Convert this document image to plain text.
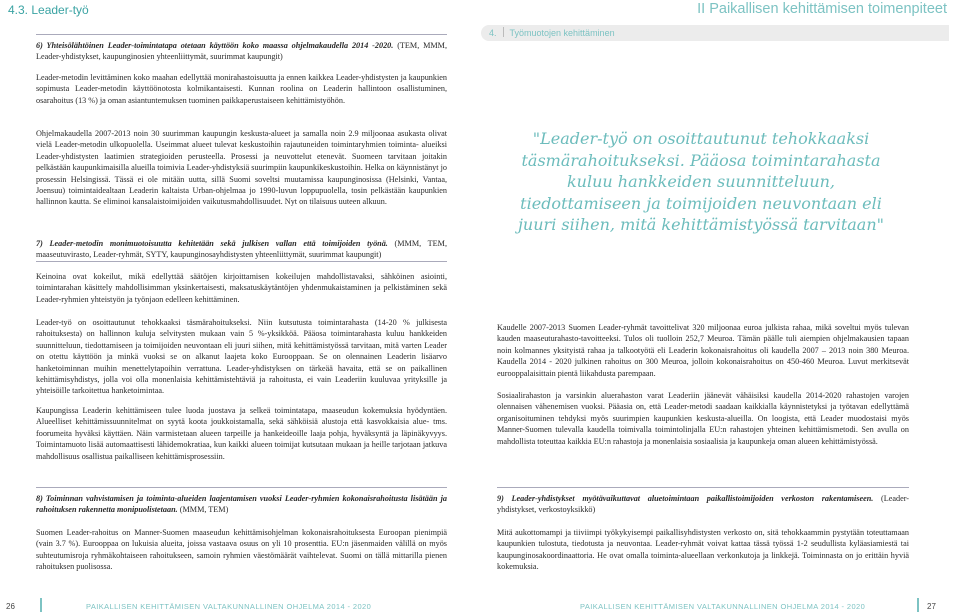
4.3. Leader-työ	II Paikallisen kehittämisen toimenpiteet
4. Työmuotojen kehittäminen

6) Yhteisölähtöinen Leader-toimintatapa otetaan käyttöön koko maassa ohjelmakaudella 2014 -2020. (TEM, MMM, Leader-yhdistykset, kaupunginosien yhteenliittymät, suurimmat kaupungit)

Leader-metodin levittäminen koko maahan edellyttää monirahastoisuutta ja ennen kaikkea Leader-yhdistysten ja kaupunkien sopimusta Leader-metodin käyttöönotosta kolmikantaisesti. Kunnan roolina on Leaderin hallintoon osallistuminen, osarahoitus (13 %) ja oman asiantuntemuksen tuominen paikkaperustaiseen kehittämistyöhön.

Ohjelmakaudella 2007-2013 noin 30 suurimman kaupungin keskusta-alueet ja samalla noin 2.9 miljoonaa asukasta olivat vielä Leader-metodin ulkopuolella. Useimmat alueet tulevat keskustoihin rajautuneiden toimintaryhmien toiminta- alueiksi Leader-yhdistysten laatimien strategioiden perusteella. Prosessi ja neuvottelut etenevät. Suomeen tarvitaan joitakin pelkästään kaupunkimaisilla alueilla toimivia Leader-yhdistyksiä suurimpiin kaupunkikeskustoihin. Helka on käynnistänyt jo prosessin Helsingissä. Tässä ei ole mitään uutta, sillä Suomi soveltsi muutamissa kaupunginosissa (Helsinki, Vantaa, Joensuu) toimintaidealtaan Leaderin kaltaista Urban-ohjelmaa jo 1990-luvun loppupuolella, tosin pelkästään kaupunkien hallinnon kautta. Se eliminoi kansalaistoimijoiden vaikutusmahdollisuudet. Nyt on tilaisuus uuteen alkuun.

7) Leader-metodin monimuotoisuutta kehitetään sekä julkisen vallan että toimijoiden työnä. (MMM, TEM, maaseutuvirasto, Leader-ryhmät, SYTY, kaupunginosayhdistysten yhteenliittymät, suurimmat kaupungit)

Keinoina ovat kokeilut, mikä edellyttää säätöjen kirjoittamisen kokeilujen mahdollistavaksi, sähköinen asiointi, toimintarahan käsittely mahdollisimman yksinkertaisesti, maksatuskäytäntöjen yhdenmukaistaminen ja pelkistäminen sekä Leader-ryhmien yhteistyön ja työnjaon edelleen kehittäminen.

Leader-työ on osoittautunut tehokkaaksi täsmärahoitukseksi. Niin kutsutusta toimintarahasta (14-20 % julkisesta rahoituksesta) on hallinnon kuluja selvitysten mukaan vain 5 %-yksikköä. Pääosa toimintarahasta kuluu hankkeiden suunnitteluun, tiedottamiseen ja toimijoiden neuvontaan eli juuri siihen, mitä kehittämistyössä tarvitaan, mitä varten Leader on otettu käyttöön ja minkä vuoksi se on alkanut laajeta koko Eurooppaan. Se on olennainen Leaderin lisäarvo hanketoiminnan muihin menettelytapoihin verrattuna. Leader-yhdistyksen on tärkeää havaita, että se on paikallinen kehittämisyhdistys, jolla voi olla monenlaisia kehittämistehtäviä ja rahoitusta, ei vain Leaderiin kuuluvaa yrityksille ja yhteisöille tarkoitettua hanketoimintaa.

Kaupungissa Leaderin kehittämiseen tulee luoda juostava ja selkeä toimintatapa, maaseudun kokemuksia hyödyntäen. Alueelliset kehittämissuunnitelmat on syytä koota joukkoistamalla, sekä sähköisiä alustoja että kasvokkaisia alue- tms. foorumeita hyväksi käyttäen. Näin varmistetaan alueen tarpeille ja hankeideoille laaja pohja, hyväksyntä ja läpinäkyvyys. Toimintamuoto lisää automaattisesti lähidemokratiaa, kun kaikki alueen toimijat kutsutaan mukaan ja heille tarjotaan jatkuva mahdollisuus osallistua paikalliseen kehittämisprosessiin.

8) Toiminnan vahvistamisen ja toiminta-alueiden laajentamisen vuoksi Leader-ryhmien kokonaisrahoitusta lisätään ja rahoituksen rakennetta monipuolistetaan. (MMM, TEM)

Suomen Leader-rahoitus on Manner-Suomen maaseudun kehittämisohjelman kokonaisrahoituksesta Euroopan pienimpiä (vain 3.7 %). Eurooppaa on lukuisia alueita, joissa vastaava osuus on yli 10 prosenttia. EU:n jäsenmaiden välillä on myös suhteutumisroja ryhmäkohtaiseen rahoitukseen, samoin ryhmien väestömäärät vaihtelevat. Suomi on tällä mittarilla pienen rahoituksen puolisossa.

"Leader-työ on osoittautunut tehokkaaksi täsmärahoitukseksi. Pääosa toimintarahasta kuluu hankkeiden suunnitteluun, tiedottamiseen ja toimijoiden neuvontaan eli juuri siihen, mitä kehittämistyössä tarvitaan"

Kaudelle 2007-2013 Suomen Leader-ryhmät tavoittelivat 320 miljoonaa euroa julkista rahaa, mikä soveltui myös tulevan kauden maaseuturahasto-tavoitteeksi. Tulos oli tuolloin 252,7 Meuroa. Tämän päälle tuli aiempien ohjelmakausien tapaan noin kolmannes yksityistä rahaa ja talkootyötä eli Leaderin kokonaisrahoitus oli kaudella 2007 – 2013 noin 380 Meuroa. Kaudella 2014 - 2020 julkinen rahoitus on 300 Meuroa, jolloin kokonaisrahoitus on 450-460 Meuroa. Luvut merkitsevät eurooppalaisittain pientä liikahdusta parempaan.

Sosiaalirahaston ja varsinkin aluerahaston varat Leaderiin jäänevät vähäisiksi kaudella 2014-2020 rahastojen varojen olennaisen vähenemisen vuoksi. Pääasia on, että Leader-metodi saadaan kaikkialla käynnistetyksi ja työtavan edellyttämä organisoituminen tehdyksi myös suurimpien kaupunkien keskusta-alueilla. On loogista, että Leader muodostaisi myös Manner-Suomen tulevalla kaudella toimivalla toimintolinjalla EU:n rahastojen yhteinen kehittämismetodi. Sen avulla on mahdollista toteuttaa kaikkia EU:n rahastoja ja monenlaisia sosiaalisia ja kaupunkeja oman alueen kehittämistyössä.

9) Leader-yhdistykset myötävaikuttavat aluetoimintaan paikallistoimijoiden verkoston rakentamiseen. (Leader-yhdistykset, verkostoyksikkö)

Mitä aukottomampi ja tiiviimpi työkykyisempi paikallisyhdistysten verkosto on, sitä tehokkaammin pystytään toteuttamaan kaupunkien tulostuta, tiedotusta ja neuvontaa. Leader-ryhmät voivat kattaa tässä työssä 1-2 seudullista kyläasiamiestä tai kaupunginosakoordinaattoria. He ovat omalla toiminta-alueellaan verkonkutoja ja linkkejä. Toiminnasta on jo erittäin hyviä kokemuksia.

26	PAIKALLISEN KEHITTÄMISEN VALTAKUNNALLINEN OHJELMA 2014 - 2020	PAIKALLISEN KEHITTÄMISEN VALTAKUNNALLINEN OHJELMA 2014 - 2020	27
